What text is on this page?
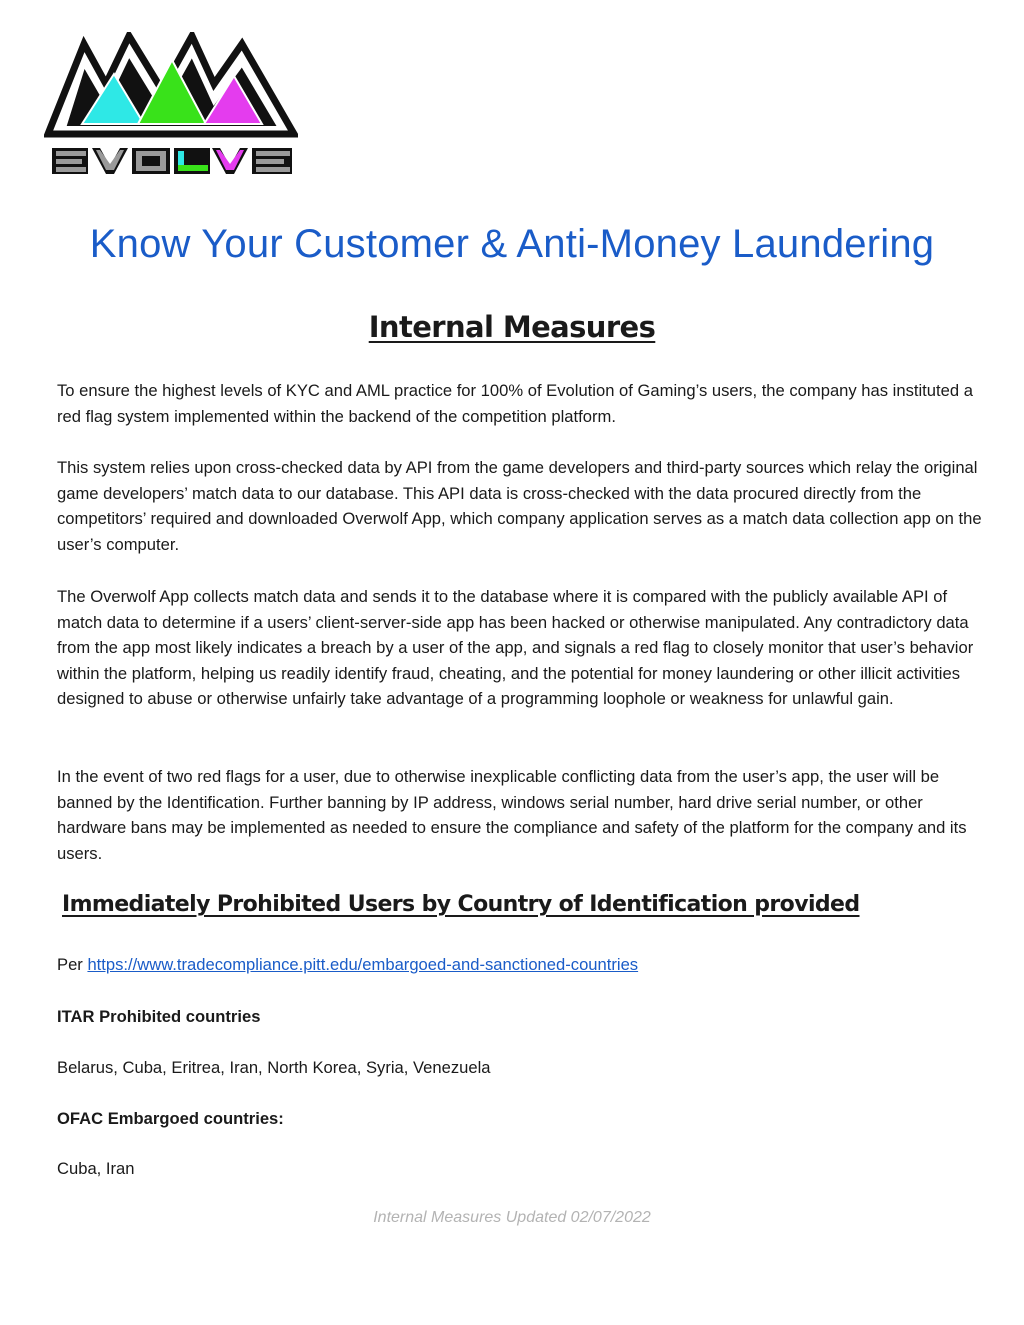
Know Your Customer & Anti-Money Laundering
Internal Measures

To ensure the highest levels of KYC and AML practice for 100% of Evolution of Gaming’s users, the company has instituted a red flag system implemented within the backend of the competition platform.

This system relies upon cross-checked data by API from the game developers and third-party sources which relay the original game developers’ match data to our database. This API data is cross-checked with the data procured directly from the competitors’ required and downloaded Overwolf App, which company application serves as a match data collection app on the user’s computer.

The Overwolf App collects match data and sends it to the database where it is compared with the publicly available API of match data to determine if a users’ client-server-side app has been hacked or otherwise manipulated. Any contradictory data from the app most likely indicates a breach by a user of the app, and signals a red flag to closely monitor that user’s behavior within the platform, helping us readily identify fraud, cheating, and the potential for money laundering or other illicit activities designed to abuse or otherwise unfairly take advantage of a programming loophole or weakness for unlawful gain.

In the event of two red flags for a user, due to otherwise inexplicable conflicting data from the user’s app, the user will be banned by the Identification. Further banning by IP address, windows serial number, hard drive serial number, or other hardware bans may be implemented as needed to ensure the compliance and safety of the platform for the company and its users.

Immediately Prohibited Users by Country of Identification provided

Per https://www.tradecompliance.pitt.edu/embargoed-and-sanctioned-countries

ITAR Prohibited countries

Belarus, Cuba, Eritrea, Iran, North Korea, Syria, Venezuela

OFAC Embargoed countries:

Cuba, Iran

Internal Measures Updated 02/07/2022
